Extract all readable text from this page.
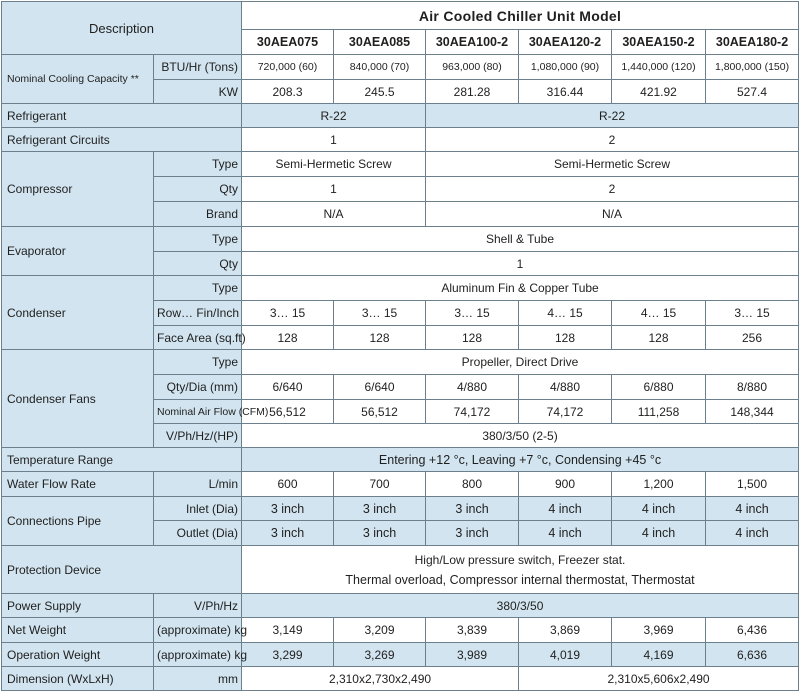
Description		Air Cooled Chiller Unit Model					
		30AEA075	30AEA085	30AEA100-2	30AEA120-2	30AEA150-2	30AEA180-2
Nominal Cooling Capacity **	BTU/Hr (Tons)	720,000 (60)	840,000 (70)	963,000 (80)	1,080,000 (90)	1,440,000 (120)	1,800,000 (150)
	KW	208.3	245.5	281.28	316.44	421.92	527.4
Refrigerant		R-22		R-22			
Refrigerant Circuits		1		2			
Compressor	Type	Semi-Hermetic Screw		Semi-Hermetic Screw			
	Qty	1		2			
	Brand	N/A		N/A			
Evaporator	Type	Shell & Tube					
	Qty	1					
Condenser	Type	Aluminum Fin & Copper Tube					
	Row… Fin/Inch	3… 15	3… 15	3… 15	4… 15	4… 15	3… 15
	Face Area (sq.ft)	128	128	128	128	128	256
Condenser Fans	Type	Propeller, Direct Drive					
	Qty/Dia (mm)	6/640	6/640	4/880	4/880	6/880	8/880
	Nominal Air Flow (CFM)	56,512	56,512	74,172	74,172	111,258	148,344
	V/Ph/Hz/(HP)	380/3/50 (2-5)					
Temperature Range		Entering +12 °c, Leaving +7 °c, Condensing +45 °c					
Water Flow Rate	L/min	600	700	800	900	1,200	1,500
Connections Pipe	Inlet (Dia)	3 inch	3 inch	3 inch	4 inch	4 inch	4 inch
	Outlet (Dia)	3 inch	3 inch	3 inch	4 inch	4 inch	4 inch
Protection Device		High/Low pressure switch, Freezer stat.
Thermal overload, Compressor internal thermostat, Thermostat					

Power Supply	V/Ph/Hz	380/3/50					
Net Weight	(approximate) kg	3,149	3,209	3,839	3,869	3,969	6,436
Operation Weight	(approximate) kg	3,299	3,269	3,989	4,019	4,169	6,636
Dimension (WxLxH)	mm	2,310x2,730x2,490			2,310x5,606x2,490		
